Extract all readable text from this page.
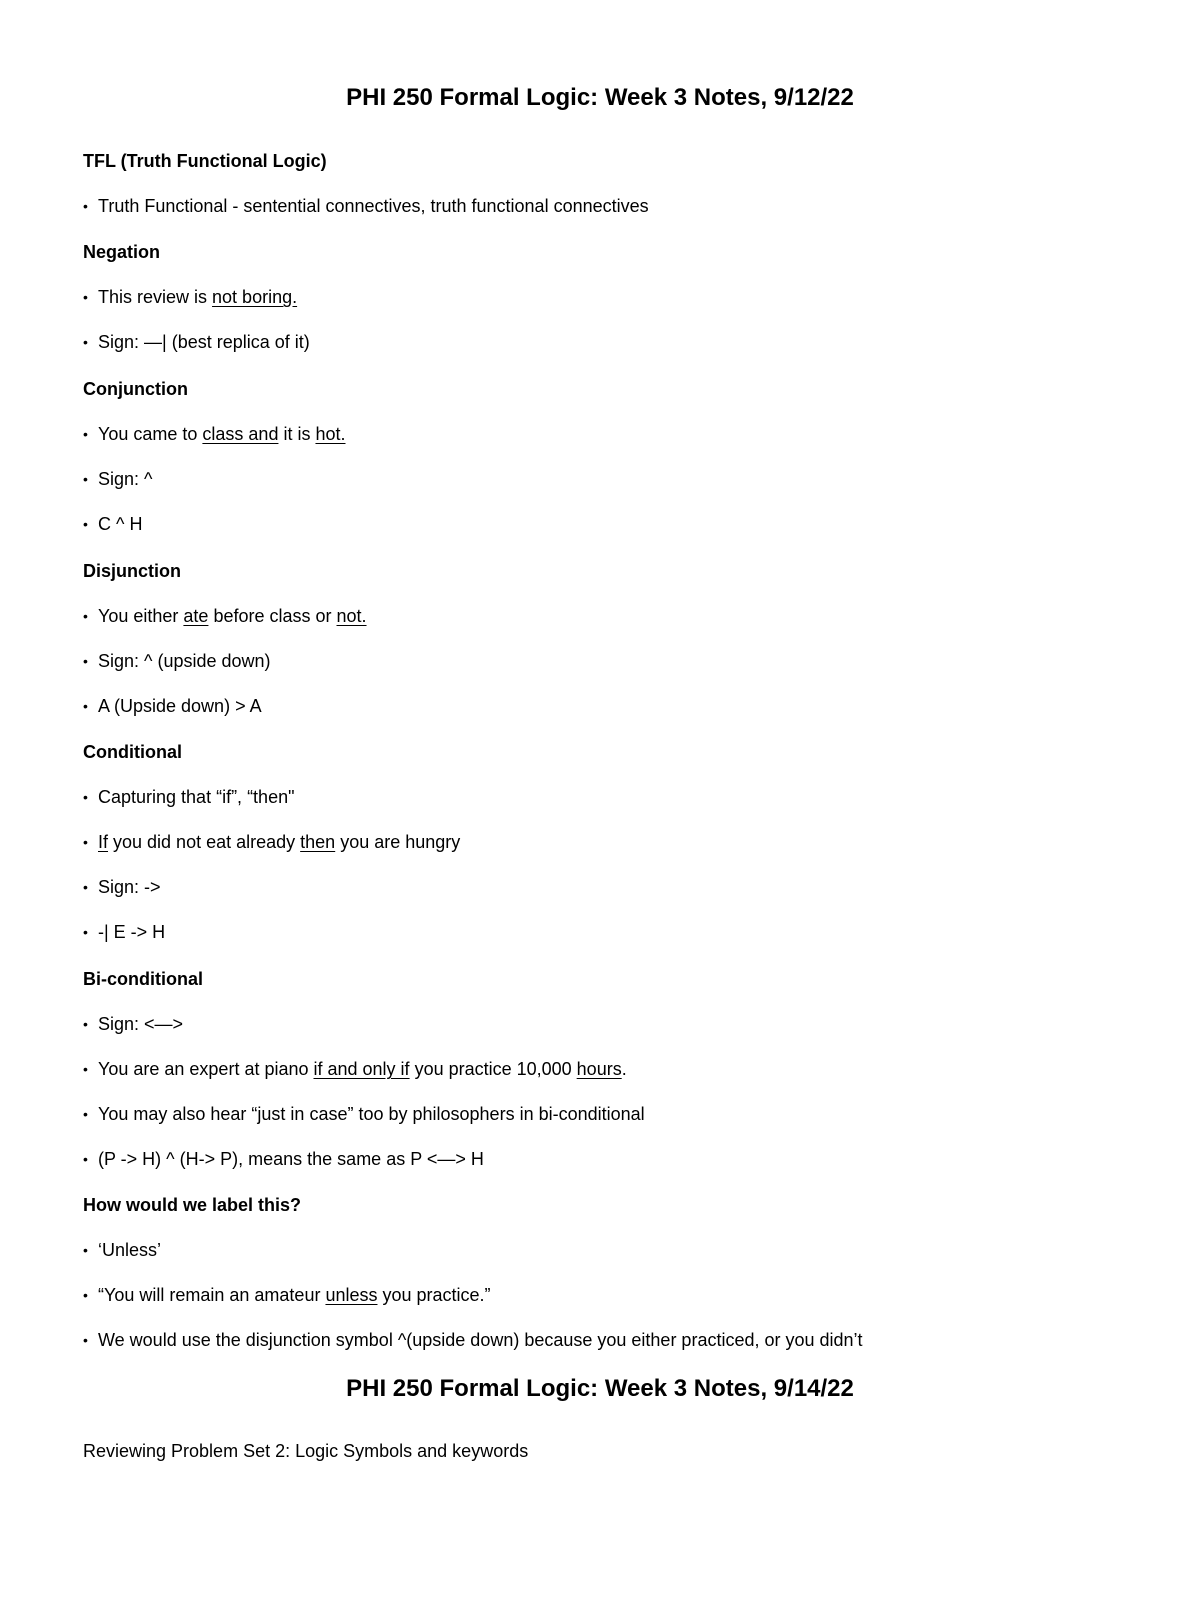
PHI 250 Formal Logic: Week 3 Notes, 9/12/22
TFL (Truth Functional Logic)
• Truth Functional - sentential connectives, truth functional connectives
Negation
• This review is not boring.
• Sign: —| (best replica of it)
Conjunction
• You came to class and it is hot.
• Sign: ^
• C ^ H
Disjunction
• You either ate before class or not.
• Sign: ^ (upside down)
• A (Upside down) > A
Conditional
• Capturing that “if”, “then"
• If you did not eat already then you are hungry
• Sign: ->
• -| E -> H
Bi-conditional
• Sign: <—>
• You are an expert at piano if and only if you practice 10,000 hours.
• You may also hear “just in case” too by philosophers in bi-conditional
• (P -> H) ^ (H-> P), means the same as P <—> H
How would we label this?
• ‘Unless’
• “You will remain an amateur unless you practice.”
• We would use the disjunction symbol ^(upside down) because you either practiced, or you didn’t
PHI 250 Formal Logic: Week 3 Notes, 9/14/22
Reviewing Problem Set 2: Logic Symbols and keywords
